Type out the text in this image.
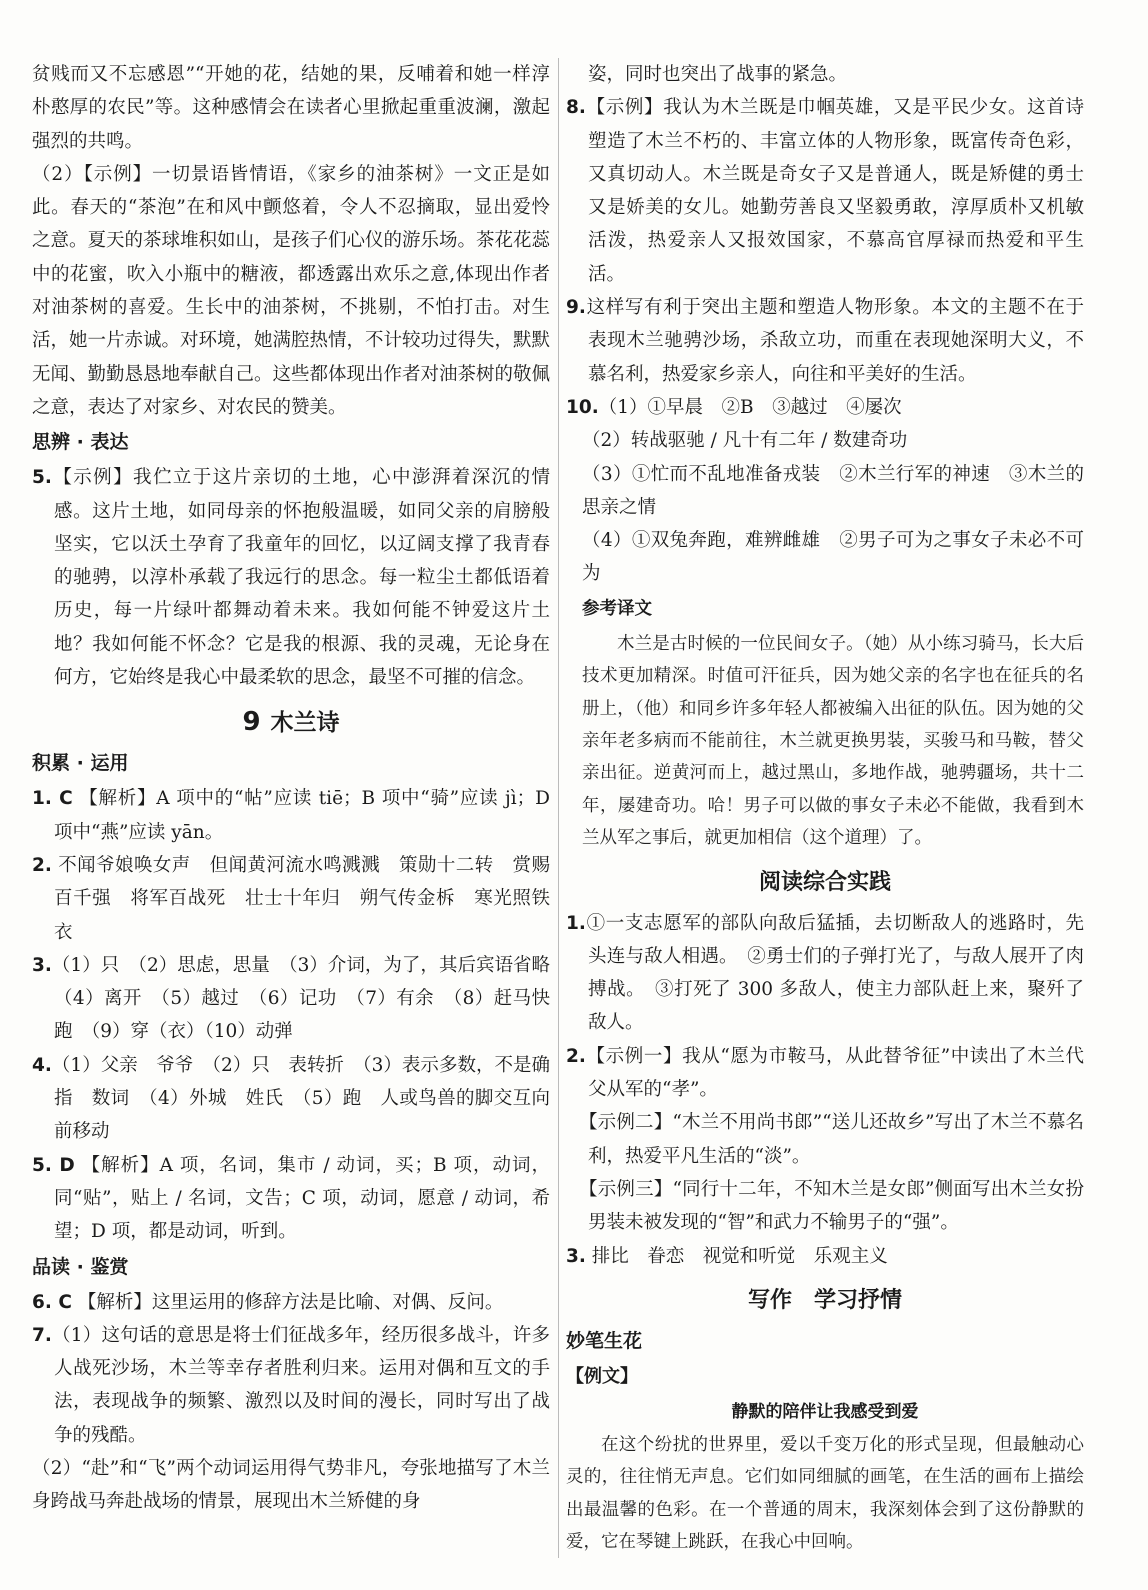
贫贱而又不忘感恩”“开她的花，结她的果，反哺着和她一样淳朴憨厚的农民”等。这种感情会在读者心里掀起重重波澜，激起强烈的共鸣。

（2）【示例】一切景语皆情语，《家乡的油茶树》一文正是如此。春天的“茶泡”在和风中颤悠着，令人不忍摘取，显出爱怜之意。夏天的茶球堆积如山，是孩子们心仪的游乐场。茶花花蕊中的花蜜，吹入小瓶中的糖液，都透露出欢乐之意,体现出作者对油茶树的喜爱。生长中的油茶树，不挑剔，不怕打击。对生活，她一片赤诚。对环境，她满腔热情，不计较功过得失，默默无闻、勤勤恳恳地奉献自己。这些都体现出作者对油茶树的敬佩之意，表达了对家乡、对农民的赞美。

思辨 · 表达

5.【示例】我伫立于这片亲切的土地，心中澎湃着深沉的情感。这片土地，如同母亲的怀抱般温暖，如同父亲的肩膀般坚实，它以沃土孕育了我童年的回忆，以辽阔支撑了我青春的驰骋，以淳朴承载了我远行的思念。每一粒尘土都低语着历史，每一片绿叶都舞动着未来。我如何能不钟爱这片土地？我如何能不怀念？它是我的根源、我的灵魂，无论身在何方，它始终是我心中最柔软的思念，最坚不可摧的信念。

9 木兰诗
积累 · 运用

1. C 【解析】A 项中的“帖”应读 tiē；B 项中“骑”应读 jì；D 项中“燕”应读 yān。

2. 不闻爷娘唤女声　但闻黄河流水鸣溅溅　策勋十二转　赏赐百千强　将军百战死　壮士十年归　朔气传金柝　寒光照铁衣

3.（1）只　（2）思虑，思量　（3）介词，为了，其后宾语省略　（4）离开　（5）越过　（6）记功　（7）有余　（8）赶马快跑　（9）穿（衣）（10）动弹

4.（1）父亲　爷爷　（2）只　表转折　（3）表示多数，不是确指　数词　（4）外城　姓氏　（5）跑　人或鸟兽的脚交互向前移动

5. D 【解析】A 项，名词，集市 / 动词，买；B 项，动词，同“贴”，贴上 / 名词，文告；C 项，动词，愿意 / 动词，希望；D 项，都是动词，听到。

品读 · 鉴赏

6. C 【解析】这里运用的修辞方法是比喻、对偶、反问。

7.（1）这句话的意思是将士们征战多年，经历很多战斗，许多人战死沙场，木兰等幸存者胜利归来。运用对偶和互文的手法，表现战争的频繁、激烈以及时间的漫长，同时写出了战争的残酷。

（2）“赴”和“飞”两个动词运用得气势非凡，夸张地描写了木兰身跨战马奔赴战场的情景，展现出木兰矫健的身

姿，同时也突出了战事的紧急。

8.【示例】我认为木兰既是巾帼英雄，又是平民少女。这首诗塑造了木兰不朽的、丰富立体的人物形象，既富传奇色彩，又真切动人。木兰既是奇女子又是普通人，既是矫健的勇士又是娇美的女儿。她勤劳善良又坚毅勇敢，淳厚质朴又机敏活泼，热爱亲人又报效国家，不慕高官厚禄而热爱和平生活。

9.这样写有利于突出主题和塑造人物形象。本文的主题不在于表现木兰驰骋沙场，杀敌立功，而重在表现她深明大义，不慕名利，热爱家乡亲人，向往和平美好的生活。

10.（1）①早晨　②B　③越过　④屡次

（2）转战驱驰 / 凡十有二年 / 数建奇功

（3）①忙而不乱地准备戎装　②木兰行军的神速　③木兰的思亲之情

（4）①双兔奔跑，难辨雌雄　②男子可为之事女子未必不可为

参考译文

木兰是古时候的一位民间女子。（她）从小练习骑马，长大后技术更加精深。时值可汗征兵，因为她父亲的名字也在征兵的名册上，（他）和同乡许多年轻人都被编入出征的队伍。因为她的父亲年老多病而不能前往，木兰就更换男装，买骏马和马鞍，替父亲出征。逆黄河而上，越过黑山，多地作战，驰骋疆场，共十二年，屡建奇功。哈！男子可以做的事女子未必不能做，我看到木兰从军之事后，就更加相信（这个道理）了。

阅读综合实践

1.①一支志愿军的部队向敌后猛插，去切断敌人的逃路时，先头连与敌人相遇。　②勇士们的子弹打光了，与敌人展开了肉搏战。　③打死了 300 多敌人，使主力部队赶上来，聚歼了敌人。

2.【示例一】我从“愿为市鞍马，从此替爷征”中读出了木兰代父从军的“孝”。

【示例二】“木兰不用尚书郎”“送儿还故乡”写出了木兰不慕名利，热爱平凡生活的“淡”。

【示例三】“同行十二年，不知木兰是女郎”侧面写出木兰女扮男装未被发现的“智”和武力不输男子的“强”。

3. 排比　眷恋　视觉和听觉　乐观主义

写作　学习抒情
妙笔生花
【例文】
静默的陪伴让我感受到爱

在这个纷扰的世界里，爱以千变万化的形式呈现，但最触动心灵的，往往悄无声息。它们如同细腻的画笔，在生活的画布上描绘出最温馨的色彩。在一个普通的周末，我深刻体会到了这份静默的爱，它在琴键上跳跃，在我心中回响。
